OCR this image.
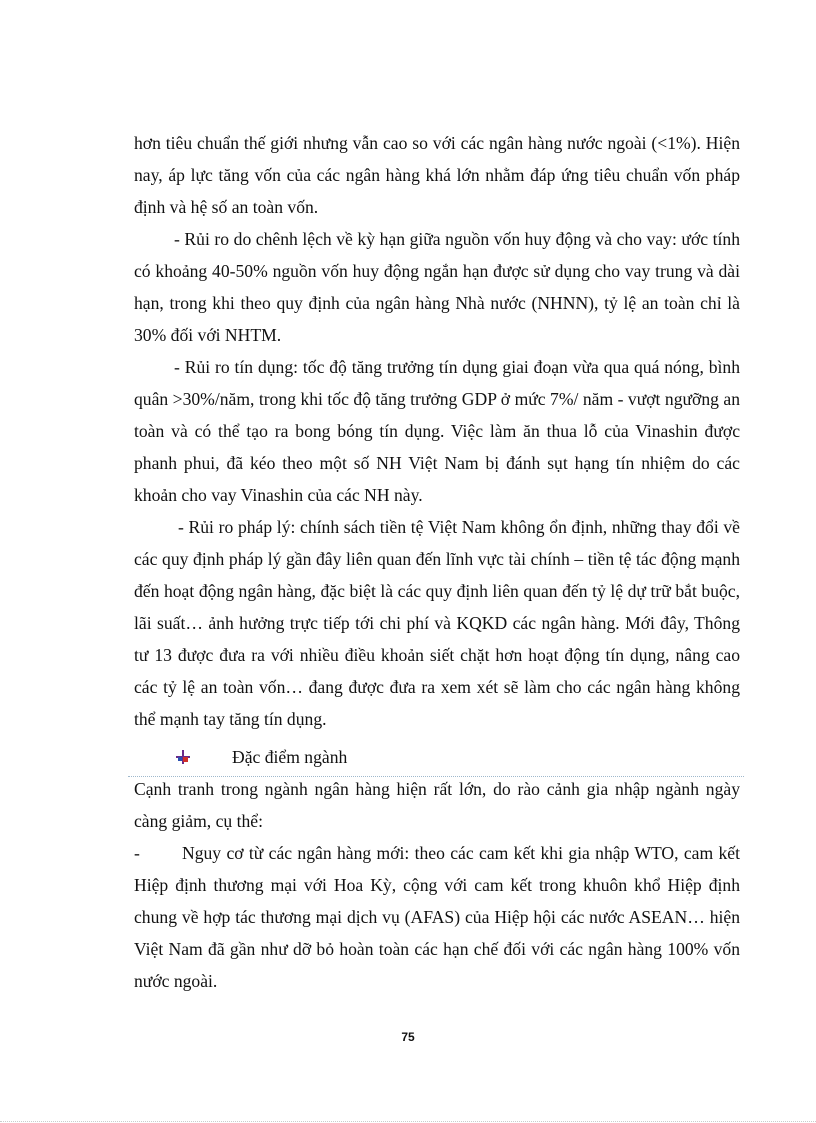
hơn tiêu chuẩn thế giới nhưng vẫn cao so với các ngân hàng nước ngoài (<1%). Hiện nay, áp lực tăng vốn của các ngân hàng khá lớn nhằm đáp ứng tiêu chuẩn vốn pháp định và hệ số an toàn vốn.

- Rủi ro do chênh lệch về kỳ hạn giữa nguồn vốn huy động và cho vay: ước tính có khoảng 40-50% nguồn vốn huy động ngắn hạn được sử dụng cho vay trung và dài hạn, trong khi theo quy định của ngân hàng Nhà nước (NHNN), tỷ lệ an toàn chỉ là 30% đối với NHTM.

- Rủi ro tín dụng: tốc độ tăng trưởng tín dụng giai đoạn vừa qua quá nóng, bình quân >30%/năm, trong khi tốc độ tăng trưởng GDP ở mức 7%/ năm - vượt ngưỡng an toàn và có thể tạo ra bong bóng tín dụng. Việc làm ăn thua lỗ của Vinashin được phanh phui, đã kéo theo một số NH Việt Nam bị đánh sụt hạng tín nhiệm do các khoản cho vay Vinashin của các NH này.

- Rủi ro pháp lý: chính sách tiền tệ Việt Nam không ổn định, những thay đổi về các quy định pháp lý gần đây liên quan đến lĩnh vực tài chính – tiền tệ tác động mạnh đến hoạt động ngân hàng, đặc biệt là các quy định liên quan đến tỷ lệ dự trữ bắt buộc, lãi suất… ảnh hưởng trực tiếp tới chi phí và KQKD các ngân hàng. Mới đây, Thông tư 13 được đưa ra với nhiều điều khoản siết chặt hơn hoạt động tín dụng, nâng cao các tỷ lệ an toàn vốn… đang được đưa ra xem xét sẽ làm cho các ngân hàng không thể mạnh tay tăng tín dụng.

Đặc điểm ngành

Cạnh tranh trong ngành ngân hàng hiện rất lớn, do rào cảnh gia nhập ngành ngày càng giảm, cụ thể:

- Nguy cơ từ các ngân hàng mới: theo các cam kết khi gia nhập WTO, cam kết Hiệp định thương mại với Hoa Kỳ, cộng với cam kết trong khuôn khổ Hiệp định chung về hợp tác thương mại dịch vụ (AFAS) của Hiệp hội các nước ASEAN… hiện Việt Nam đã gần như dỡ bỏ hoàn toàn các hạn chế đối với các ngân hàng 100% vốn nước ngoài.

75
